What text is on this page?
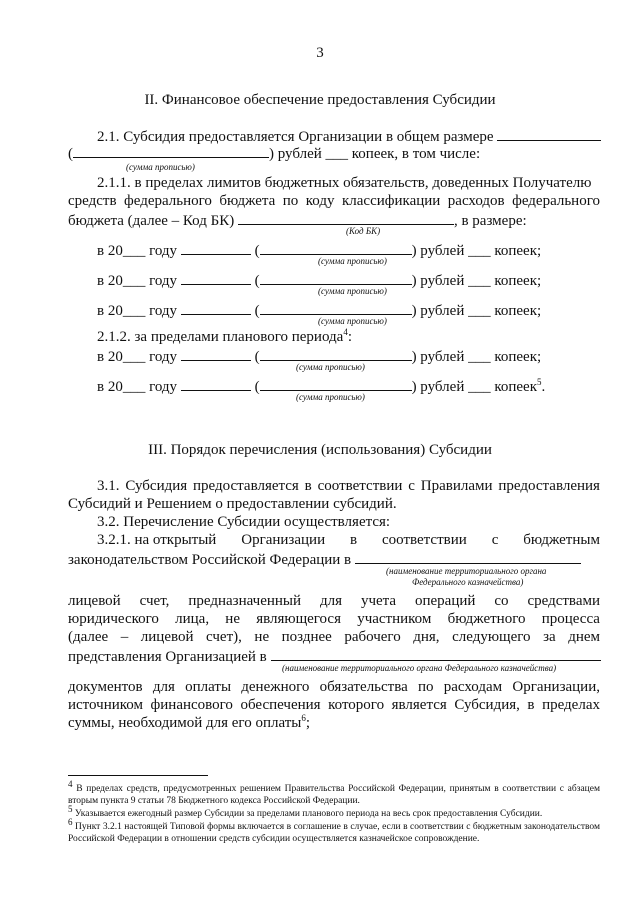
3
II. Финансовое обеспечение предоставления Субсидии
2.1. Субсидия предоставляется Организации в общем размере
(	) рублей ___ копеек, в том числе:
(сумма прописью)
2.1.1. в пределах лимитов бюджетных обязательств, доведенных Получателю
средств федерального бюджета по коду классификации расходов федерального
бюджета (далее – Код БК)	, в размере:
(Код БК)
в 20___ году	(	) рублей ___ копеек;
(сумма прописью)
в 20___ году	(	) рублей ___ копеек;
(сумма прописью)
в 20___ году	(	) рублей ___ копеек;
(сумма прописью)
2.1.2. за пределами планового периода$^4$:
в 20___ году	(	) рублей ___ копеек;
(сумма прописью)
в 20___ году	(	) рублей ___ копеек$^5$.
(сумма прописью)
III. Порядок перечисления (использования) Субсидии
3.1. Субсидия предоставляется в соответствии с Правилами предоставления
Субсидий и Решением о предоставлении субсидий.
3.2. Перечисление Субсидии осуществляется:
3.2.1. на открытый Организации в соответствии с бюджетным
законодательством Российской Федерации в
(наименование территориального органа
Федерального казначейства)
лицевой счет, предназначенный для учета операций со средствами
юридического лица, не являющегося участником бюджетного процесса
(далее – лицевой счет), не позднее рабочего дня, следующего за днем
представления Организацией в
(наименование территориального органа Федерального казначейства)
документов для оплаты денежного обязательства по расходам Организации,
источником финансового обеспечения которого является Субсидия, в пределах
суммы, необходимой для его оплаты$^6$;
$^4$ В пределах средств, предусмотренных решением Правительства Российской Федерации, принятым в соответствии с абзацем вторым пункта 9 статьи 78 Бюджетного кодекса Российской Федерации.
$^5$ Указывается ежегодный размер Субсидии за пределами планового периода на весь срок предоставления Субсидии.
$^6$ Пункт 3.2.1 настоящей Типовой формы включается в соглашение в случае, если в соответствии с бюджетным законодательством Российской Федерации в отношении средств субсидии осуществляется казначейское сопровождение.
